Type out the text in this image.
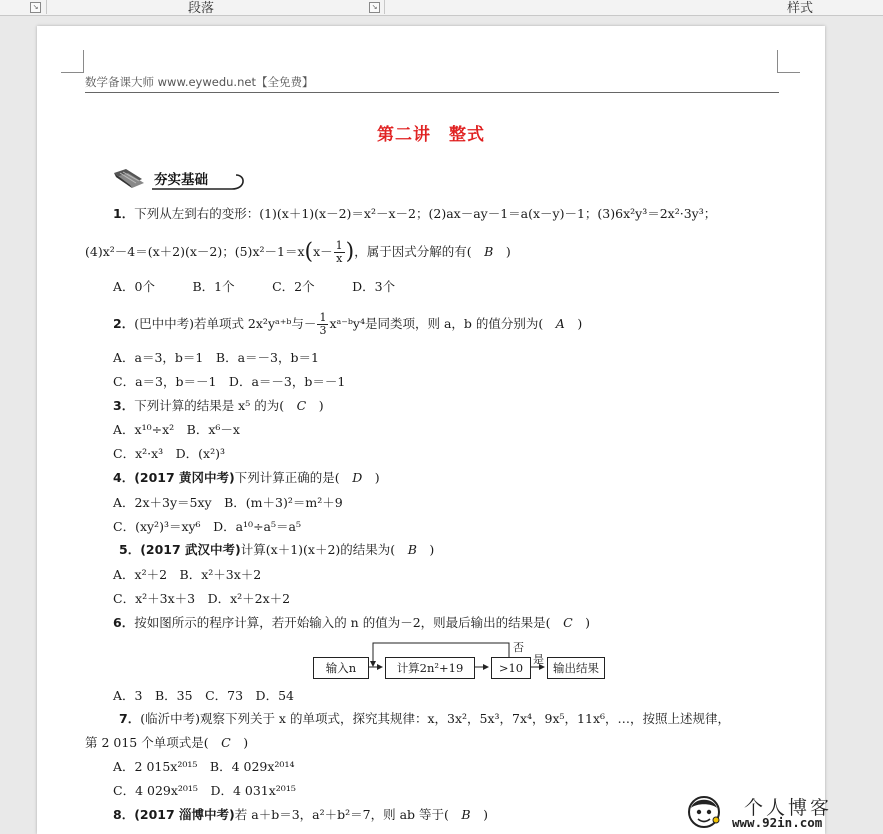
↘	段落	↘	样式
数学备课大师 www.eywedu.net【全免费】
第二讲　整式
夯实基础
1．下列从左到右的变形：(1)(x＋1)(x－2)＝x²－x－2；(2)ax－ay－1＝a(x－y)－1；(3)6x²y³＝2x²·3y³；
(4)x²－4＝(x＋2)(x－2)；$(5)x^2-1=x(x- \frac{1}{x}$ )，属于因式分解的有(　 B　 )
A．0个　　　B．1个　　　C．2个　　　D．3个
2．(巴中中考)若单项式 2x²yᵃ⁺ᵇ与－ $\frac{1}{3}$ xᵃ⁻ᵇy⁴是同类项，则 a，b 的值分别为(　 A　 )
A．a＝3，b＝1　B．a＝－3，b＝1
C．a＝3，b＝－1　D．a＝－3，b＝－1
3．下列计算的结果是 x⁵ 的为(　 C　 )
A．x¹⁰÷x²　B．x⁶－x
C．x²·x³　D．(x²)³
4．(2017 黄冈中考)下列计算正确的是(　 D　 )
A．2x＋3y＝5xy　B．(m＋3)²＝m²＋9
C．(xy²)³＝xy⁶　D．a¹⁰÷a⁵＝a⁵
5．(2017 武汉中考)计算(x＋1)(x＋2)的结果为(　 B　 )
A．x²＋2　B．x²＋3x＋2
C．x²＋3x＋3　D．x²＋2x＋2
6．按如图所示的程序计算，若开始输入的 n 的值为－2，则最后输出的结果是(　 C　 )
输入n	计算2n²+19	>10	输出结果
是
否
A．3　B．35　C．73　D．54
7．(临沂中考)观察下列关于 x 的单项式，探究其规律：x，3x²，5x³，7x⁴，9x⁵，11x⁶，…，按照上述规律，
第 2 015 个单项式是(　 C　 )
A．2 015x²⁰¹⁵　B．4 029x²⁰¹⁴
C．4 029x²⁰¹⁵　D．4 031x²⁰¹⁵
8．(2017 淄博中考)若 a＋b＝3，a²＋b²＝7，则 ab 等于(　 B　 )	个人博客
www.92in.com
